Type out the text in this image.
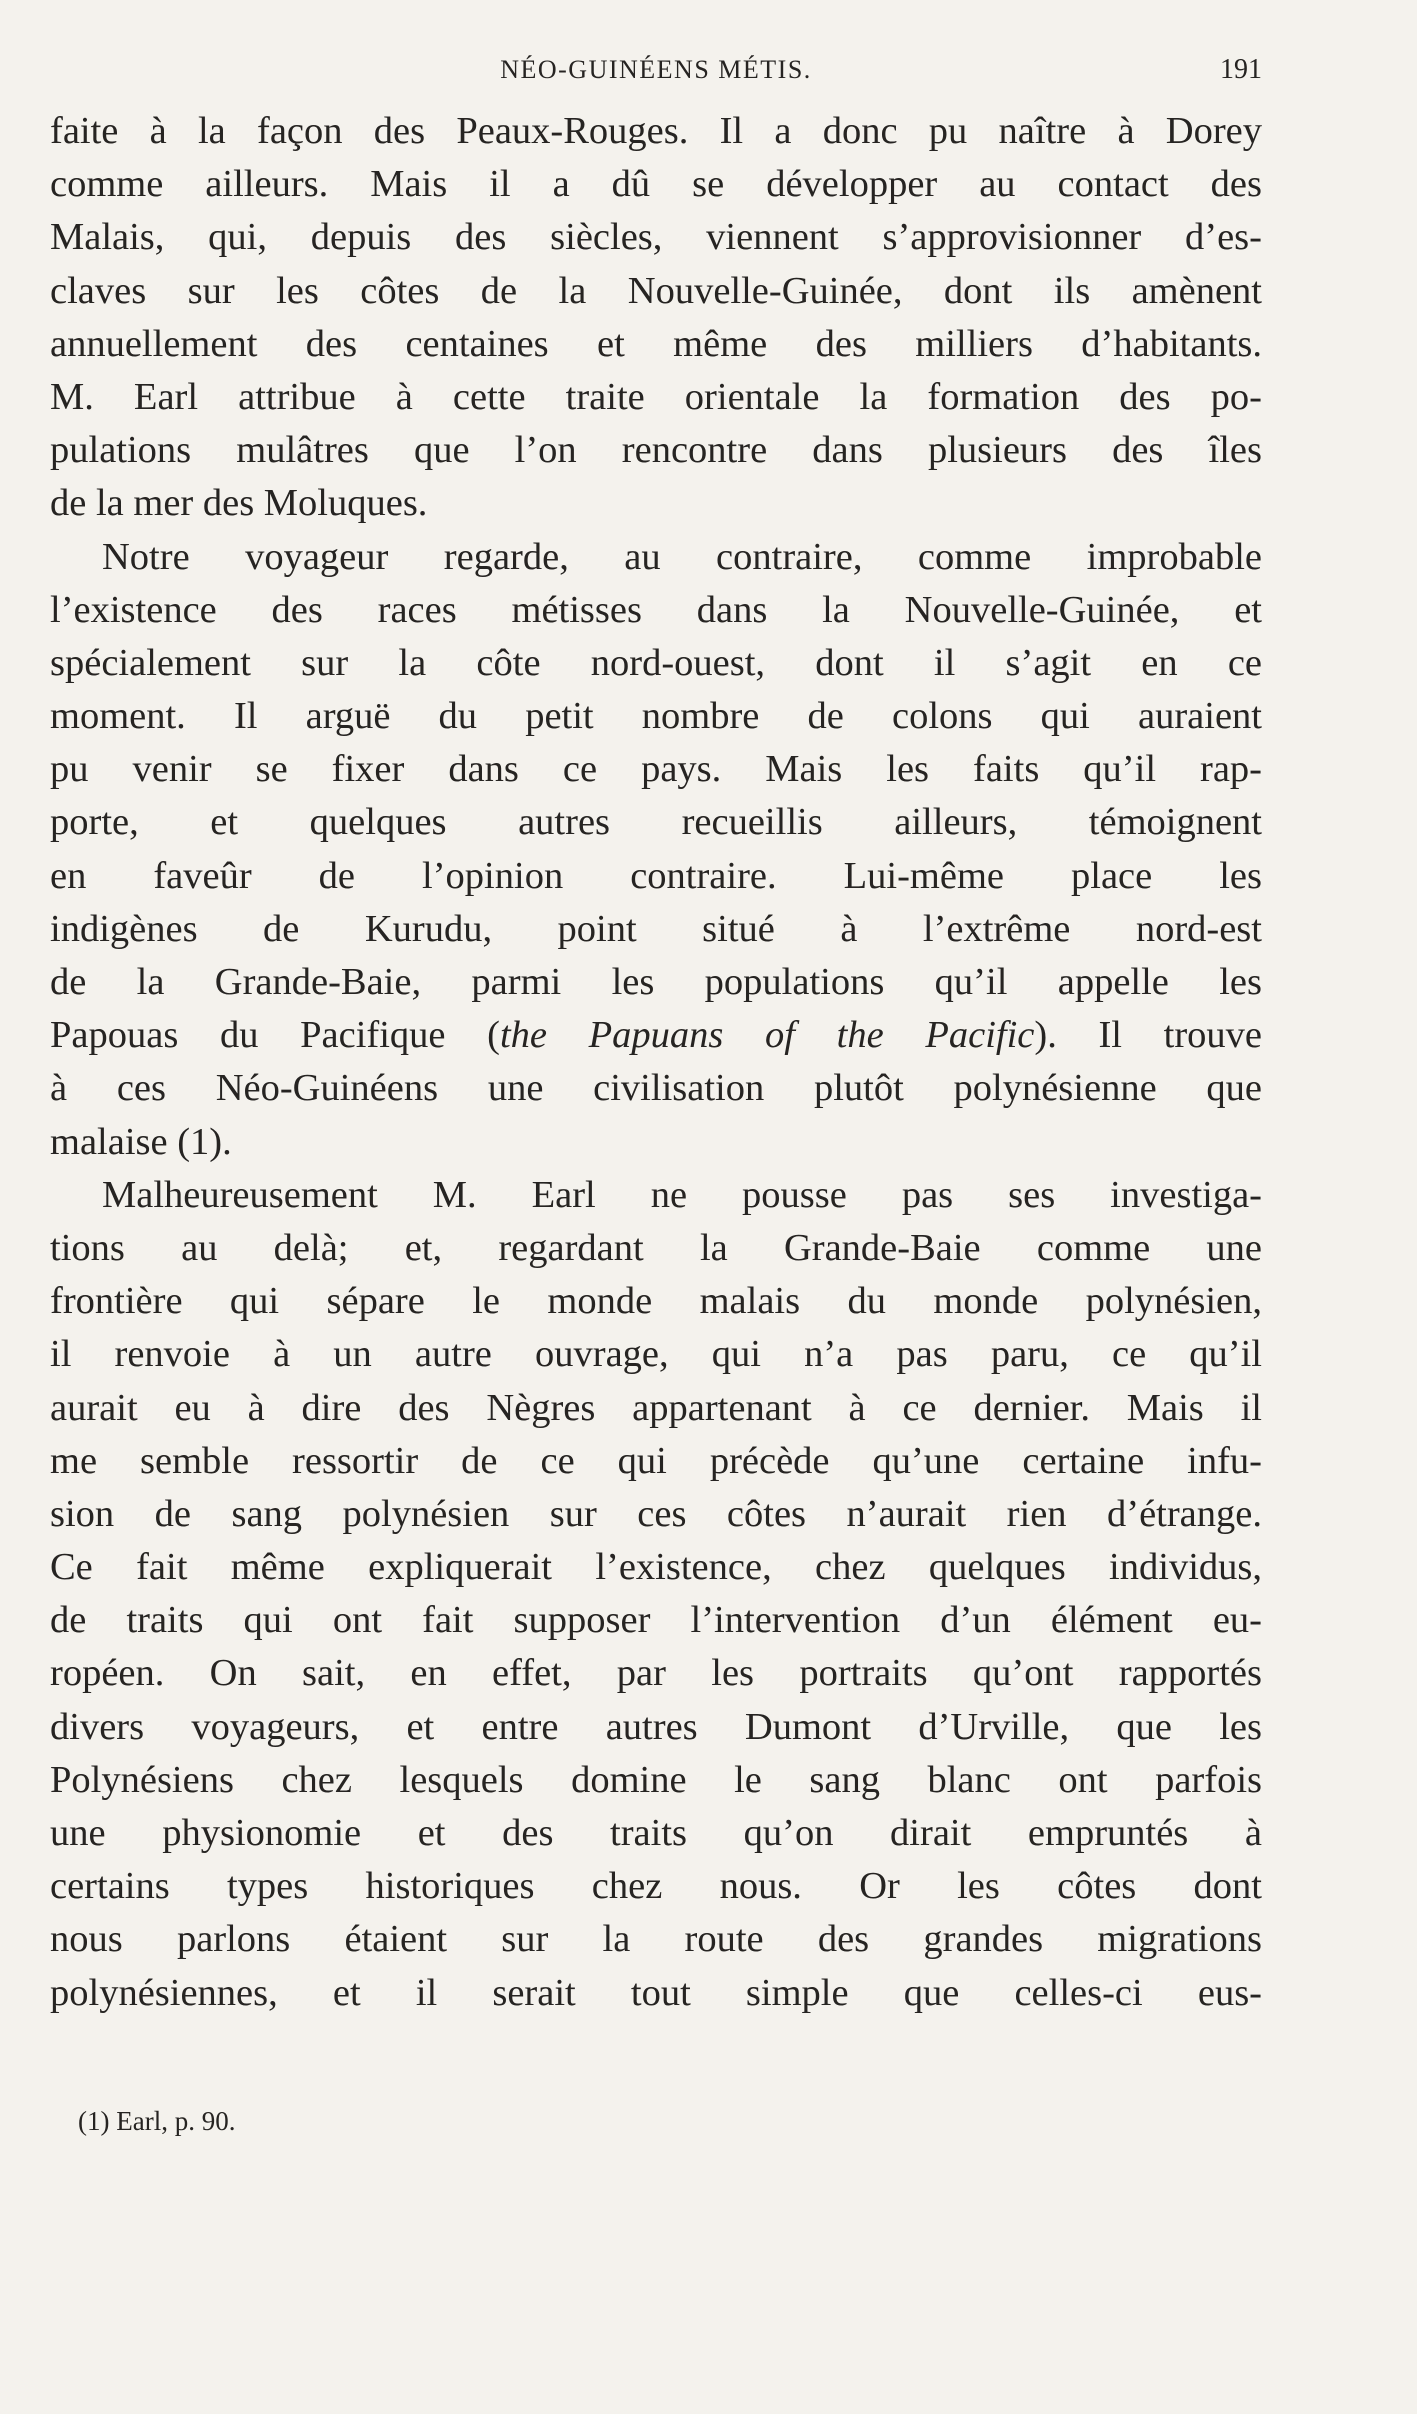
NÉO-GUINÉENS MÉTIS.	191
faite à la façon des Peaux-Rouges. Il a donc pu naître à Dorey
comme ailleurs. Mais il a dû se développer au contact des
Malais, qui, depuis des siècles, viennent s’approvisionner d’es-
claves sur les côtes de la Nouvelle-Guinée, dont ils amènent
annuellement des centaines et même des milliers d’habitants.
M. Earl attribue à cette traite orientale la formation des po-
pulations mulâtres que l’on rencontre dans plusieurs des îles
de la mer des Moluques.
Notre voyageur regarde, au contraire, comme improbable
l’existence des races métisses dans la Nouvelle-Guinée, et
spécialement sur la côte nord-ouest, dont il s’agit en ce
moment. Il arguë du petit nombre de colons qui auraient
pu venir se fixer dans ce pays. Mais les faits qu’il rap-
porte, et quelques autres recueillis ailleurs, témoignent
en faveûr de l’opinion contraire. Lui-même place les
indigènes de Kurudu, point situé à l’extrême nord-est
de la Grande-Baie, parmi les populations qu’il appelle les
Papouas du Pacifique (the Papuans of the Pacific). Il trouve
à ces Néo-Guinéens une civilisation plutôt polynésienne que
malaise (1).
Malheureusement M. Earl ne pousse pas ses investiga-
tions au delà; et, regardant la Grande-Baie comme une
frontière qui sépare le monde malais du monde polynésien,
il renvoie à un autre ouvrage, qui n’a pas paru, ce qu’il
aurait eu à dire des Nègres appartenant à ce dernier. Mais il
me semble ressortir de ce qui précède qu’une certaine infu-
sion de sang polynésien sur ces côtes n’aurait rien d’étrange.
Ce fait même expliquerait l’existence, chez quelques individus,
de traits qui ont fait supposer l’intervention d’un élément eu-
ropéen. On sait, en effet, par les portraits qu’ont rapportés
divers voyageurs, et entre autres Dumont d’Urville, que les
Polynésiens chez lesquels domine le sang blanc ont parfois
une physionomie et des traits qu’on dirait empruntés à
certains types historiques chez nous. Or les côtes dont
nous parlons étaient sur la route des grandes migrations
polynésiennes, et il serait tout simple que celles-ci eus-
(1) Earl, p. 90.
